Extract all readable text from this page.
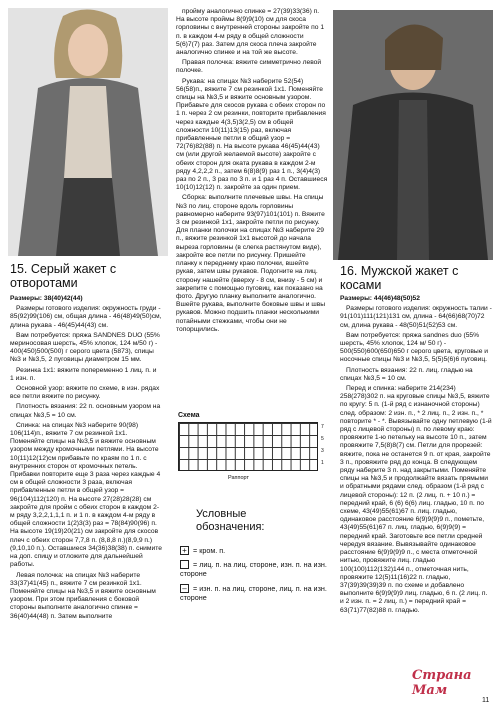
15. Серый жакет с отворотами

Размеры: 38(40)42(44)

Размеры готового изделия: окружность груди - 85(92)99(106) см, общая длина - 46(48)49(50)см, длина рукава - 46(45)44(43) см.

Вам потребуется: пряжа SANDNES DUO (55% мериносовая шерсть, 45% хлопок, 124 м/50 г) - 400(450)500(500) г серого цвета (5873), спицы №3 и №3,5, 2 пуговицы диаметром 15 мм.

Резинка 1х1: вяжите попеременно 1 лиц. п. и 1 изн. п.

Основной узор: вяжите по схеме, в изн. рядах все петли вяжите по рисунку.

Плотность вязания: 22 п. основным узором на спицах №3,5 = 10 см.

Спинка: на спицах №3 наберите 90(98) 106(114)п., вяжите 7 см резинкой 1х1. Поменяйте спицы на №3,5 и вяжите основным узором между кромочными петлями. На высоте 10(11)12(12)см прибавьте по краям по 1 п. с внутренних сторон от кромочных петель. Прибавки повторите еще 3 раза через каждые 4 см в общей сложности 3 раза, включая прибавленные петли в общей узор = 96(104)112(120) п. На высоте 27(28)28(28) см закройте для пройм с обеих сторон в каждом 2-м ряду 3,2,2,1,1,1 п. и 1 п. в каждом 4-м ряду в общей сложности 1(2)3(3) раз = 78(84)90(96) п. На высоте 19(19)20(21) см закройте для скосов плеч с обеих сторон 7,7,8 п. (8,8,8 п.)(8,9,9 п.)(9,10,10 п.). Оставшиеся 34(36)38(38) п. снимите на доп. спицу и отложите для дальнейшей работы.

Левая полочка: на спицах №3 наберите 33(37)41(45) п., вяжите 7 см резинкой 1х1. Поменяйте спицы на №3,5 и вяжите основным узором. При этом прибавления с боковой стороны выполните аналогично спинке = 36(40)44(48) п. Затем выполните

пройму аналогично спинке = 27(39)33(36) п. На высоте проймы 8(9)9(10) см для скоса горловины с внутренней стороны закройте по 1 п. в каждом 4-м ряду в общей сложности 5(6)7(7) раз. Затем для скоса плеча закройте аналогично спинке и на той же высоте.

Правая полочка: вяжите симметрично левой полочке.

Рукава: на спицах №3 наберите 52(54) 56(58)п., вяжите 7 см резинкой 1х1. Поменяйте спицы на №3,5 и вяжите основным узором. Прибавьте для скосов рукава с обеих сторон по 1 п. через 2 см резинки, повторите прибавления через каждые 4(3,5)3(2,5) см в общей сложности 10(11)13(15) раз, включая прибавленные петли в общий узор = 72(76)82(88) п. На высоте рукава 46(45)44(43) см (или другой желаемой высоте) закройте с обеих сторон для оката рукава в каждом 2-м ряду 4,2,2,2 п., затем 6(8)8(9) раз 1 п., 3(4)4(3) раз по 2 п., 3 раз по 3 п. и 1 раз 4 п. Оставшиеся 10(10)12(12) п. закройте за один прием.

Сборка: выполните плечевые швы. На спицы №3 по лиц. стороне вдоль горловины равномерно наберите 93(97)101(101) п. Вяжите 3 см резинкой 1х1, закройте петли по рисунку. Для планки полочки на спицах №3 наберите 29 п., вяжите резинкой 1х1 высотой до начала выреза горловины (в слегка растянутом виде), закройте все петли по рисунку. Пришейте планку к переднему краю полочки, вшейте рукав, затем швы рукавов. Подогните на лиц. сторону нашейте (вверху - 8 см, внизу - 5 см) и закрепите с помощью пуговиц, как показано на фото. Другую планку выполните аналогично. Вшейте рукава, выполните боковые швы и швы рукавов. Можно подшить планки несколькими потайными стежками, чтобы они не топорщились.

Схема
7
5
3
1
Раппорт
Условные обозначения:
+ = кром. п.
= лиц. п. на лиц. стороне, изн. п. на изн. стороне
– = изн. п. на лиц. стороне, лиц. п. на изн. стороне
16. Мужской жакет с косами

Размеры: 44(46)48(50)52

Размеры готового изделия: окружность талии - 91(101)111(121)131 см, длина - 64(66)68(70)72 см, длина рукава - 48(50)51(52)53 см.

Вам потребуется: пряжа sandnes duo (55% шерсть, 45% хлопок, 124 м/ 50 г) - 500(550)600(650)650 г серого цвета, круговые и носочные спицы №3 и №3,5, 5(5)5(6)6 пуговиц.

Плотность вязания: 22 п. лиц. гладью на спицах №3,5 = 10 см.

Перед и спинка: наберите 214(234) 258(278)302 п. на круговые спицы №3,5, вяжите по кругу: 5 п. (1-й ряд с изнаночной стороны) след. образом: 2 изн. п., * 2 лиц. п., 2 изн. п., * повторите * - *. Вывязывайте одну петлевую (1-й ряд с лицевой стороны) п. по левому краю: провяжите 1-ю петельку на высоте 10 п., затем провяжите 7,5(8)8(7) см. Петли для прорезей: вяжите, пока не останется 9 п. от края, закройте 3 п., провяжите ряд до конца. В следующем ряду наберите 3 п. над закрытыми. Поменяйте спицы на №3,5 и продолжайте вязать прямыми и обратными рядами след. образом (1-й ряд с лицевой стороны): 12 п. (2 лиц. п. + 10 п.) = передний край, 6 (6) 6(6) лиц. гладью, 10 п. по схеме, 43(49)55(61)67 п. лиц. гладью, одинаковое расстояние 6(9)9(9)9 п., пометьте, 43(49)55(61)67 п. лиц. гладью, 6(9)9(9) = передний край. Заготовьте все петли средней чередуя вязание. Вывязывайте одинаковое расстояние 6(9)9(9)9 п., с места отметочной нитью, провяжите лиц. гладью 100(100)112(132)144 п., отметочная нить, провяжите 12(5)11(16)22 п. гладью, 37(39)39(39)39 п. по схеме и добавлено выполните 6(9)9(9)9 лиц. гладью, 6 п. (2 лиц. п. и 2 изн. п. = 2 лиц. п.) = передний край = 63(71)77(82)88 п. гладью.

Страна Мам
11
